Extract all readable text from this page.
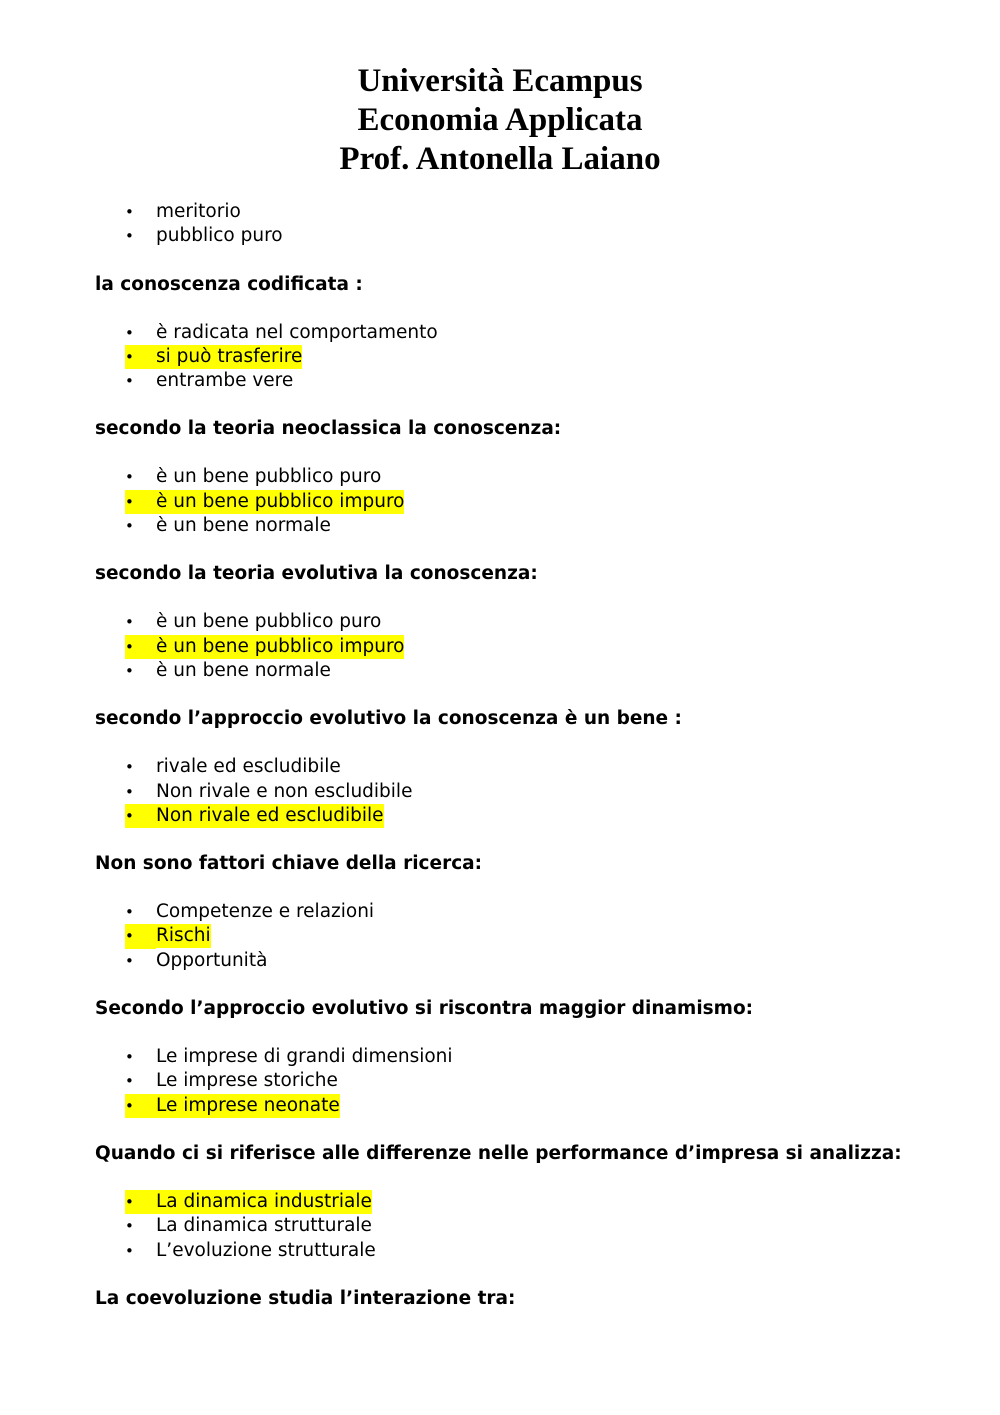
Università Ecampus
Economia Applicata
Prof. Antonella Laiano
•	meritorio
•	pubblico puro
la conoscenza codificata :
•	è radicata nel comportamento
•	si può trasferire
•	entrambe vere
secondo la teoria neoclassica la conoscenza:
•	è un bene pubblico puro
•	è un bene pubblico impuro
•	è un bene normale
secondo la teoria evolutiva la conoscenza:
•	è un bene pubblico puro
•	è un bene pubblico impuro
•	è un bene normale
secondo l’approccio evolutivo la conoscenza è un bene :
•	rivale ed escludibile
•	Non rivale e non escludibile
•	Non rivale ed escludibile
Non sono fattori chiave della ricerca:
•	Competenze e relazioni
•	Rischi
•	Opportunità
Secondo l’approccio evolutivo si riscontra maggior dinamismo:
•	Le imprese di grandi dimensioni
•	Le imprese storiche
•	Le imprese neonate
Quando ci si riferisce alle differenze nelle performance d’impresa si analizza:
•	La dinamica industriale
•	La dinamica strutturale
•	L’evoluzione strutturale
La coevoluzione studia l’interazione tra:
